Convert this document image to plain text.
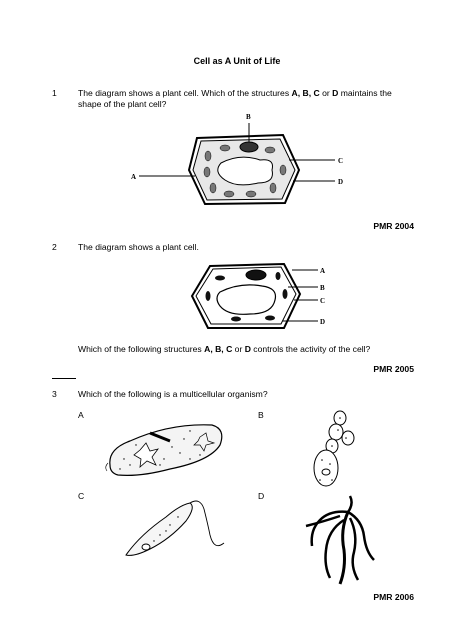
Cell as A Unit of Life
1 The diagram shows a plant cell. Which of the structures A, B, C or D maintains the shape of the plant cell?
B
A
C
D
PMR 2004
2 The diagram shows a plant cell.
A
B
C
D
Which of the following structures A, B, C or D controls the activity of the cell?
PMR 2005
3 Which of the following is a multicellular organism?
A	B
C	D
PMR 2006
